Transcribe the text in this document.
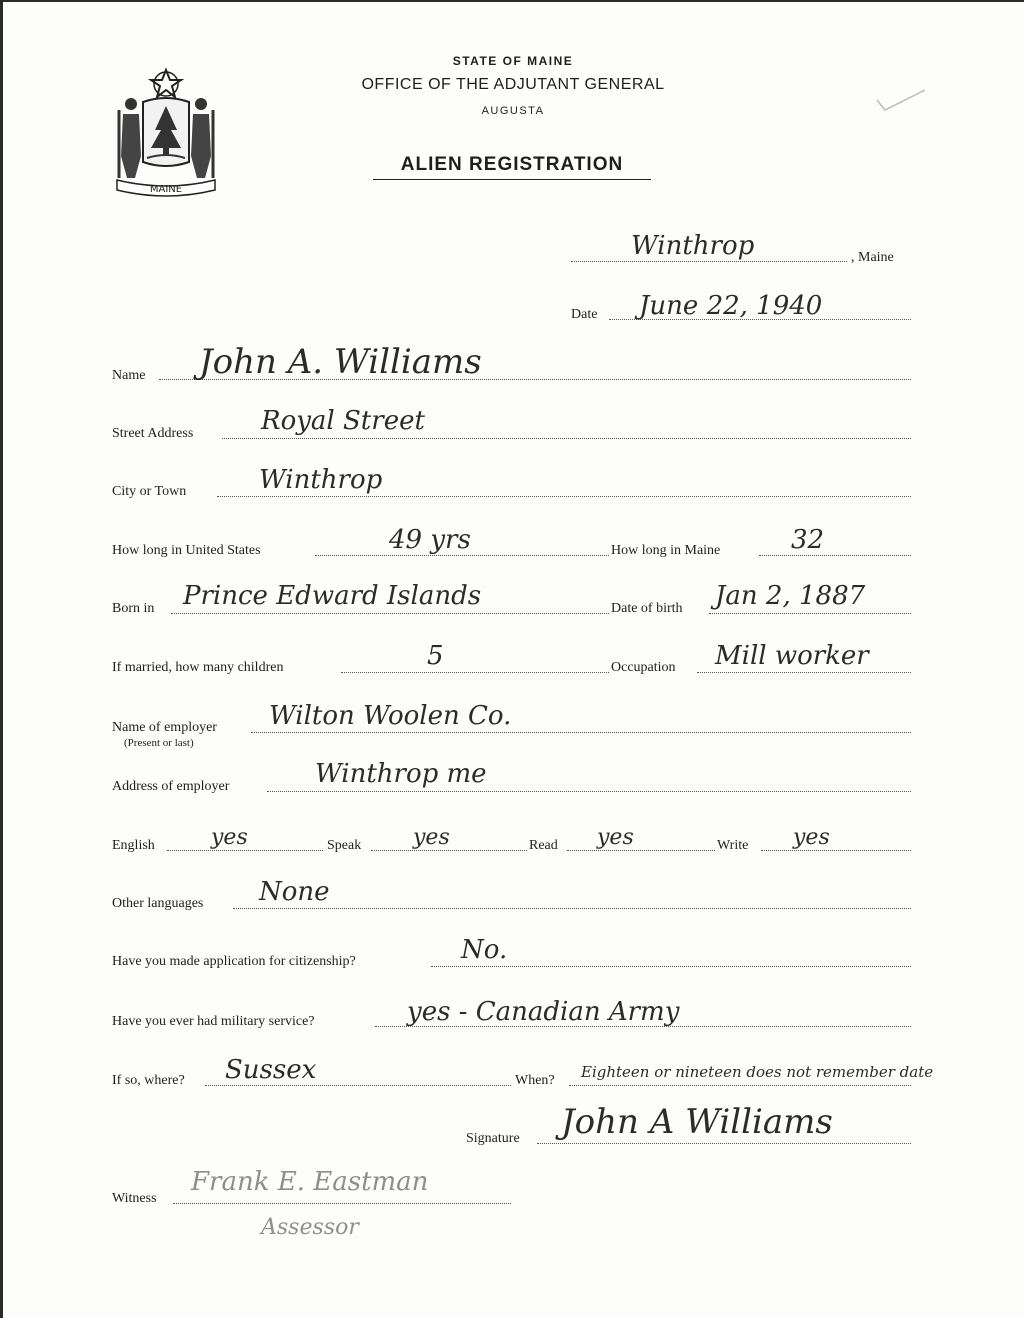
MAINE
STATE OF MAINE
OFFICE OF THE ADJUTANT GENERAL
AUGUSTA
ALIEN REGISTRATION
Winthrop	, Maine
Date June 22, 1940
Name John A. Williams
Street Address	Royal Street
City or Town	Winthrop
How long in United States	49 yrs	How long in Maine	32
Born in Prince Edward Islands	Date of birth Jan 2, 1887
If married, how many children	5	Occupation Mill worker
Name of employer
(Present or last)
Wilton Woolen Co.
Address of employer	Winthrop me
English	yes	Speak yes	Read yes	Write yes
Other languages None
Have you made application for citizenship?	No.
Have you ever had military service?	yes - Canadian Army
If so, where? Sussex	When? Eighteen or nineteen does not remember date
Signature John A Williams
Witness
Frank E. Eastman
Assessor
